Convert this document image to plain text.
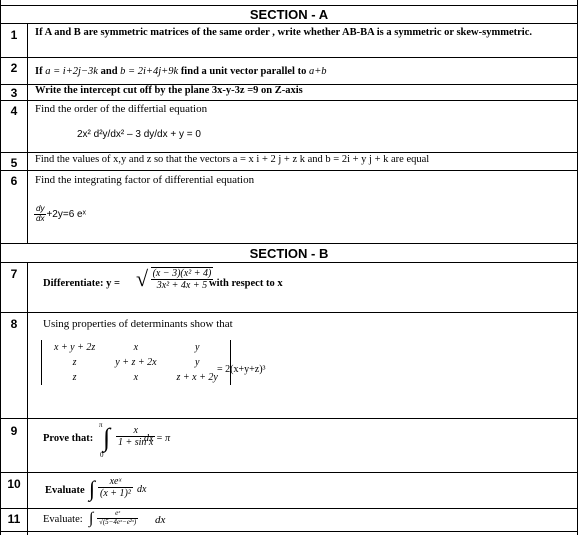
SECTION - A
1	If A and B are symmetric matrices of the same order , write whether AB-BA is a symmetric or skew-symmetric.
2	If a = i+2j−3k and b = 2i+4j+9k find a unit vector parallel to a+b
3	Write the intercept cut off by the plane 3x-y-3z =9 on Z-axis
4	Find the order of the differtial equation
2x² d²y/dx² – 3 dy/dx + y = 0
5	Find the values of x,y and z so that the vectors a = x i + 2 j + z k and b = 2i + y j + k are equal
6	Find the integrating factor of differential equation
$\frac{dy}{dx} +2y=6$ eˣ
SECTION - B
7
Differentiate: y = √ $\frac{\text{(x − 3)(x² + 4)}}{\text{3x² + 4x + 5}}$
with respect to x
8	Using properties of determinants show that
x + y + 2z	x	y
z	y + z + 2x	y
z	x	z + x + 2y
= 2(x+y+z)³
9
Prove that:
π ∫
0
$\frac{x}{\text{1 + sin x}}$
dx = π
10	Evaluate ∫	xeˣ
(x + 1)² dx
11	Evaluate: ∫ $\frac{\text{eˣ}}{\text{√(5−4eˣ−e²ˣ)}}$ dx
